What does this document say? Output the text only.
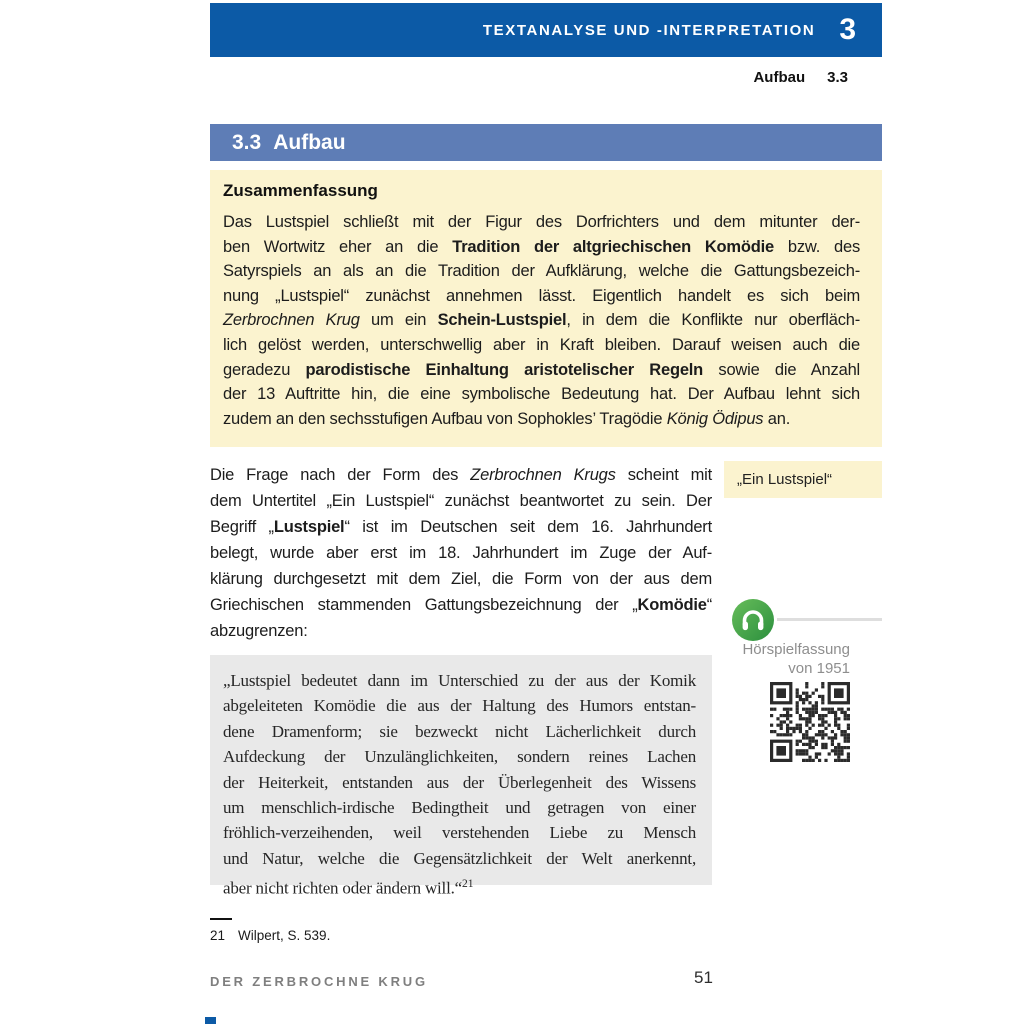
TEXTANALYSE UND -INTERPRETATION 3
Aufbau 3.3
3.3 Aufbau
Zusammenfassung
Das Lustspiel schließt mit der Figur des Dorfrichters und dem mitunter der-
ben Wortwitz eher an die Tradition der altgriechischen Komödie bzw. des
Satyrspiels an als an die Tradition der Aufklärung, welche die Gattungsbezeich-
nung „Lustspiel“ zunächst annehmen lässt. Eigentlich handelt es sich beim
Zerbrochnen Krug um ein Schein-Lustspiel, in dem die Konflikte nur oberfläch-
lich gelöst werden, unterschwellig aber in Kraft bleiben. Darauf weisen auch die
geradezu parodistische Einhaltung aristotelischer Regeln sowie die Anzahl
der 13 Auftritte hin, die eine symbolische Bedeutung hat. Der Aufbau lehnt sich
zudem an den sechsstufigen Aufbau von Sophokles’ Tragödie König Ödipus an.
Die Frage nach der Form des Zerbrochnen Krugs scheint mit
dem Untertitel „Ein Lustspiel“ zunächst beantwortet zu sein. Der
Begriff „Lustspiel“ ist im Deutschen seit dem 16. Jahrhundert
belegt, wurde aber erst im 18. Jahrhundert im Zuge der Auf-
klärung durchgesetzt mit dem Ziel, die Form von der aus dem
Griechischen stammenden Gattungsbezeichnung der „Komödie“
abzugrenzen:
„Ein Lustspiel“
Hörspielfassung
von 1951
„Lustspiel bedeutet dann im Unterschied zu der aus der Komik
abgeleiteten Komödie die aus der Haltung des Humors entstan-
dene Dramenform; sie bezweckt nicht Lächerlichkeit durch
Aufdeckung der Unzulänglichkeiten, sondern reines Lachen
der Heiterkeit, entstanden aus der Überlegenheit des Wissens
um menschlich-irdische Bedingtheit und getragen von einer
fröhlich-verzeihenden, weil verstehenden Liebe zu Mensch
und Natur, welche die Gegensätzlichkeit der Welt anerkennt,
aber nicht richten oder ändern will.“$^{21}$
21 Wilpert, S. 539.
DER ZERBROCHNE KRUG	51
